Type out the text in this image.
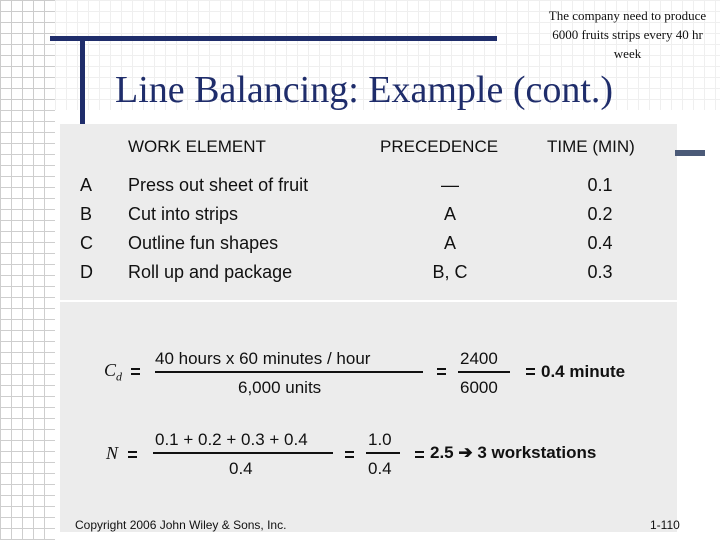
The company need to produce 6000 fruits strips every 40 hr week
Line Balancing: Example (cont.)
WORK ELEMENT	PRECEDENCE	TIME (MIN)
A Press out sheet of fruit	—	0.1
B Cut into strips	A	0.2
C Outline fun shapes	A	0.4
D Roll up and package	B, C	0.3
$C_d$
40 hours x 60 minutes / hour
6,000 units
2400
6000
0.4 minute
N
0.1 + 0.2 + 0.3 + 0.4
0.4
1.0
0.4
2.5 ➔ 3 workstations
Copyright 2006 John Wiley & Sons, Inc.	1-110
